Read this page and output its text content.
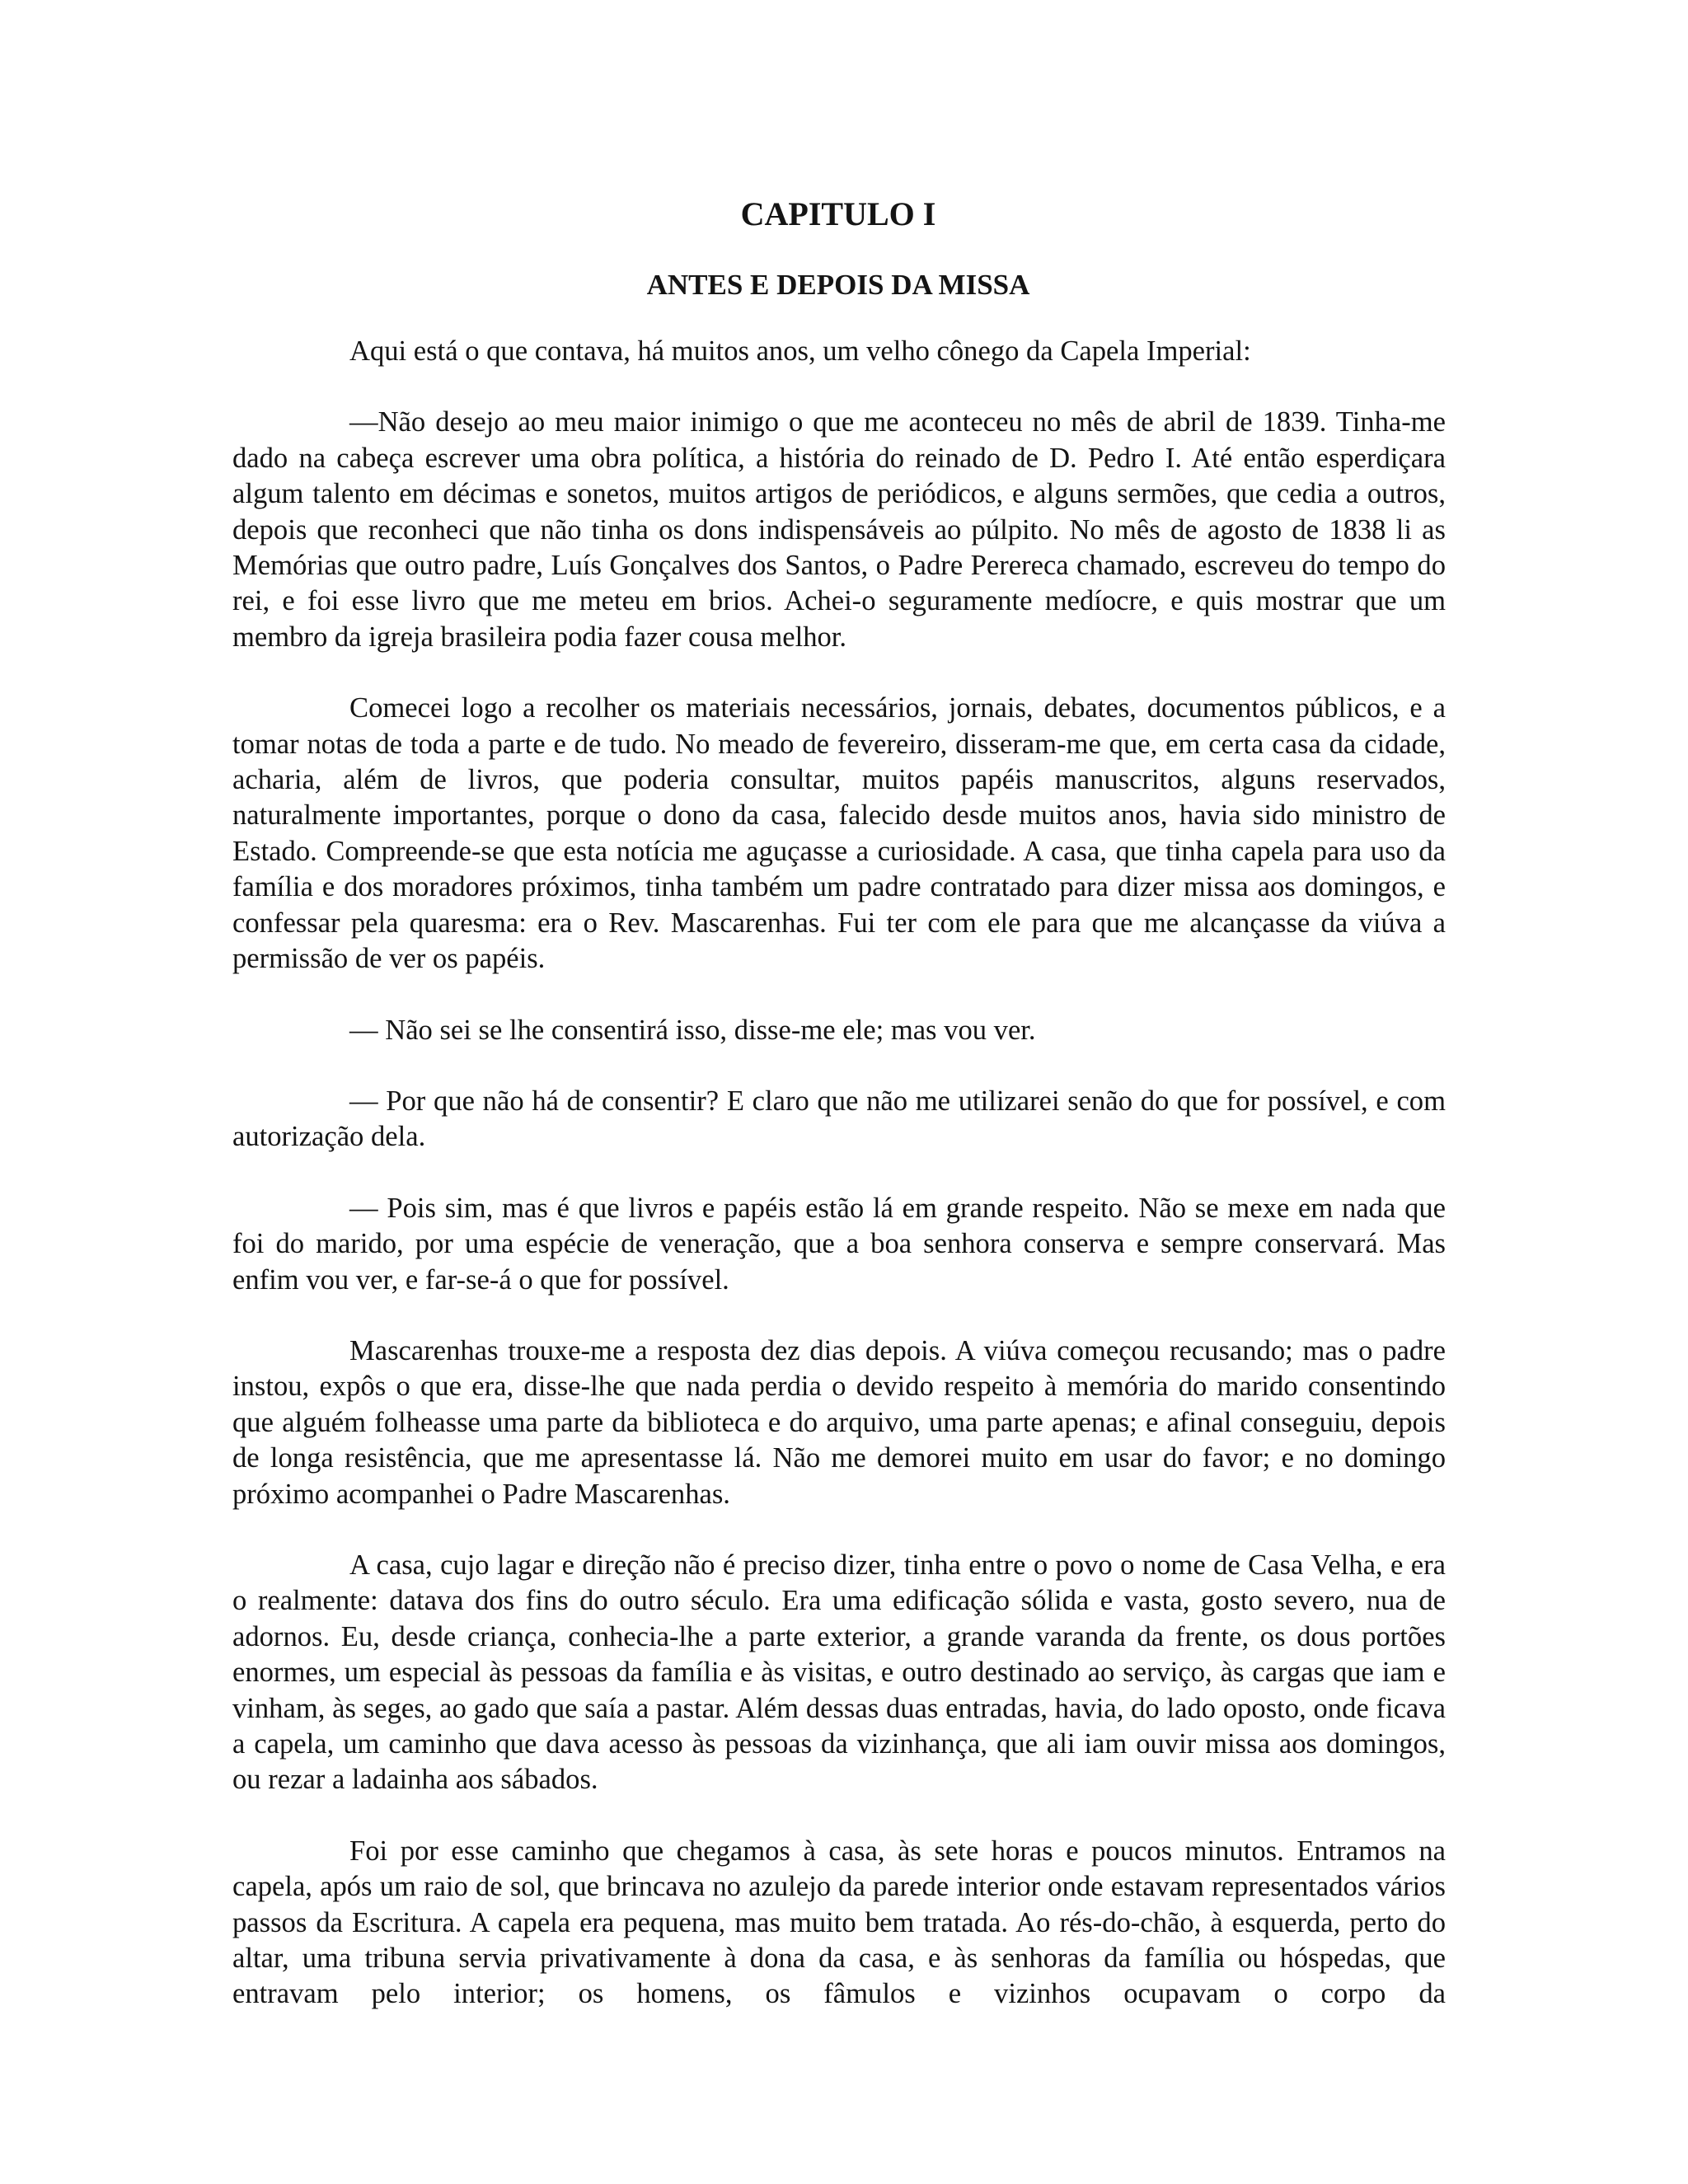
CAPITULO I
ANTES E DEPOIS DA MISSA

Aqui está o que contava, há muitos anos, um velho cônego da Capela Imperial:

—Não desejo ao meu maior inimigo o que me aconteceu no mês de abril de 1839. Tinha-me dado na cabeça escrever uma obra política, a história do reinado de D. Pedro I. Até então esperdiçara algum talento em décimas e sonetos, muitos artigos de periódicos, e alguns sermões, que cedia a outros, depois que reconheci que não tinha os dons indispensáveis ao púlpito. No mês de agosto de 1838 li as Memórias que outro padre, Luís Gonçalves dos Santos, o Padre Perereca chamado, escreveu do tempo do rei, e foi esse livro que me meteu em brios. Achei-o seguramente medíocre, e quis mostrar que um membro da igreja brasileira podia fazer cousa melhor.

Comecei logo a recolher os materiais necessários, jornais, debates, documentos públicos, e a tomar notas de toda a parte e de tudo. No meado de fevereiro, disseram-me que, em certa casa da cidade, acharia, além de livros, que poderia consultar, muitos papéis manuscritos, alguns reservados, naturalmente importantes, porque o dono da casa, falecido desde muitos anos, havia sido ministro de Estado. Compreende-se que esta notícia me aguçasse a curiosidade. A casa, que tinha capela para uso da família e dos moradores próximos, tinha também um padre contratado para dizer missa aos domingos, e confessar pela quaresma: era o Rev. Mascarenhas. Fui ter com ele para que me alcançasse da viúva a permissão de ver os papéis.

— Não sei se lhe consentirá isso, disse-me ele; mas vou ver.

— Por que não há de consentir? E claro que não me utilizarei senão do que for possível, e com autorização dela.

— Pois sim, mas é que livros e papéis estão lá em grande respeito. Não se mexe em nada que foi do marido, por uma espécie de veneração, que a boa senhora conserva e sempre conservará. Mas enfim vou ver, e far-se-á o que for possível.

Mascarenhas trouxe-me a resposta dez dias depois. A viúva começou recusando; mas o padre instou, expôs o que era, disse-lhe que nada perdia o devido respeito à memória do marido consentindo que alguém folheasse uma parte da biblioteca e do arquivo, uma parte apenas; e afinal conseguiu, depois de longa resistência, que me apresentasse lá. Não me demorei muito em usar do favor; e no domingo próximo acompanhei o Padre Mascarenhas.

A casa, cujo lagar e direção não é preciso dizer, tinha entre o povo o nome de Casa Velha, e era o realmente: datava dos fins do outro século. Era uma edificação sólida e vasta, gosto severo, nua de adornos. Eu, desde criança, conhecia-lhe a parte exterior, a grande varanda da frente, os dous portões enormes, um especial às pessoas da família e às visitas, e outro destinado ao serviço, às cargas que iam e vinham, às seges, ao gado que saía a pastar. Além dessas duas entradas, havia, do lado oposto, onde ficava a capela, um caminho que dava acesso às pessoas da vizinhança, que ali iam ouvir missa aos domingos, ou rezar a ladainha aos sábados.

Foi por esse caminho que chegamos à casa, às sete horas e poucos minutos. Entramos na capela, após um raio de sol, que brincava no azulejo da parede interior onde estavam representados vários passos da Escritura. A capela era pequena, mas muito bem tratada. Ao rés-do-chão, à esquerda, perto do altar, uma tribuna servia privativamente à dona da casa, e às senhoras da família ou hóspedas, que entravam pelo interior; os homens, os fâmulos e vizinhos ocupavam o corpo da
